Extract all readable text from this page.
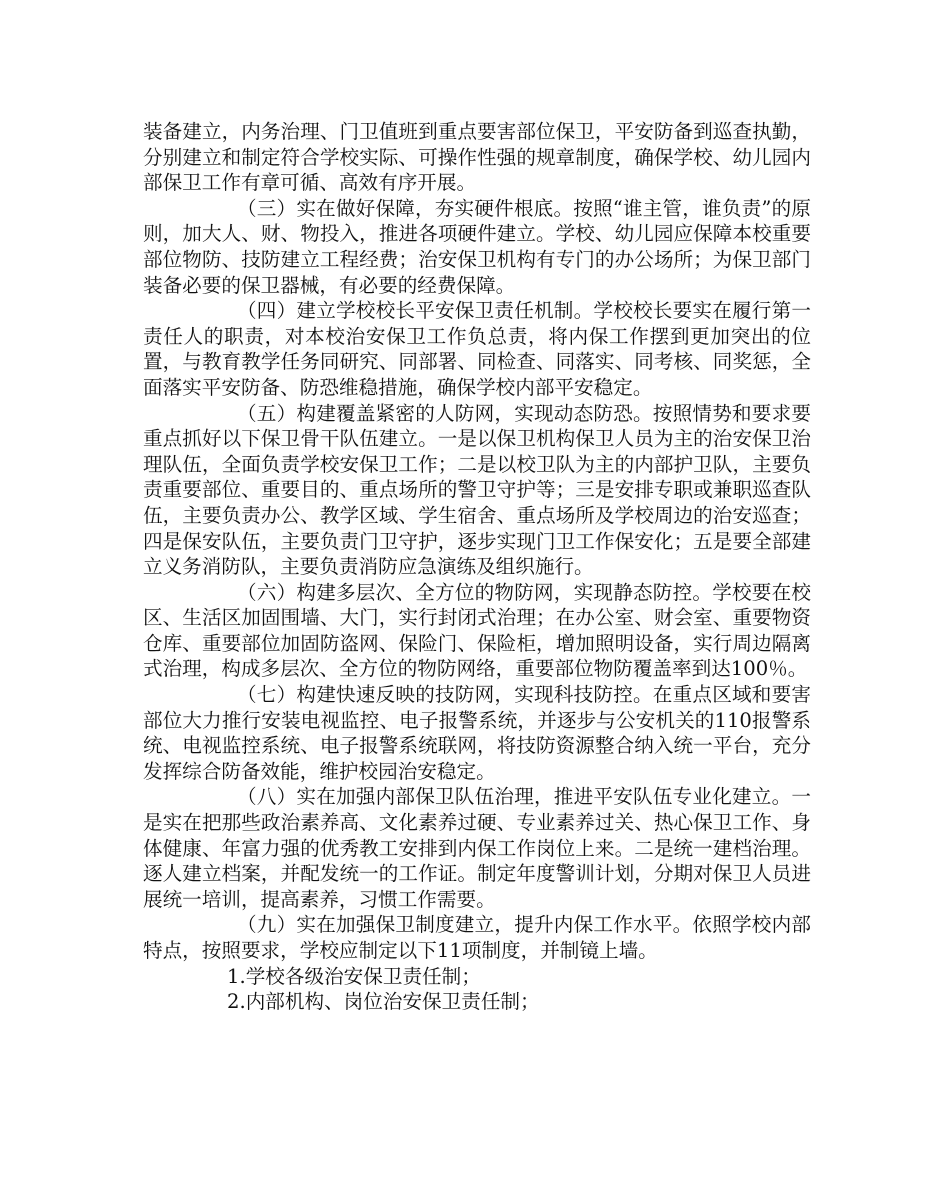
装备建立，内务治理、门卫值班到重点要害部位保卫，平安防备到巡查执勤，分别建立和制定符合学校实际、可操作性强的规章制度，确保学校、幼儿园内部保卫工作有章可循、高效有序开展。

（三）实在做好保障，夯实硬件根底。按照“谁主管，谁负责”的原则，加大人、财、物投入，推进各项硬件建立。学校、幼儿园应保障本校重要部位物防、技防建立工程经费；治安保卫机构有专门的办公场所；为保卫部门装备必要的保卫器械，有必要的经费保障。

（四）建立学校校长平安保卫责任机制。学校校长要实在履行第一责任人的职责，对本校治安保卫工作负总责，将内保工作摆到更加突出的位置，与教育教学任务同研究、同部署、同检查、同落实、同考核、同奖惩，全面落实平安防备、防恐维稳措施，确保学校内部平安稳定。

（五）构建覆盖紧密的人防网，实现动态防恐。按照情势和要求要重点抓好以下保卫骨干队伍建立。一是以保卫机构保卫人员为主的治安保卫治理队伍，全面负责学校安保卫工作；二是以校卫队为主的内部护卫队，主要负责重要部位、重要目的、重点场所的警卫守护等；三是安排专职或兼职巡查队伍，主要负责办公、教学区域、学生宿舍、重点场所及学校周边的治安巡查；四是保安队伍，主要负责门卫守护，逐步实现门卫工作保安化；五是要全部建立义务消防队，主要负责消防应急演练及组织施行。

（六）构建多层次、全方位的物防网，实现静态防控。学校要在校区、生活区加固围墙、大门，实行封闭式治理；在办公室、财会室、重要物资仓库、重要部位加固防盗网、保险门、保险柜，增加照明设备，实行周边隔离式治理，构成多层次、全方位的物防网络，重要部位物防覆盖率到达100％。

（七）构建快速反映的技防网，实现科技防控。在重点区域和要害部位大力推行安装电视监控、电子报警系统，并逐步与公安机关的110报警系统、电视监控系统、电子报警系统联网，将技防资源整合纳入统一平台，充分发挥综合防备效能，维护校园治安稳定。

（八）实在加强内部保卫队伍治理，推进平安队伍专业化建立。一是实在把那些政治素养高、文化素养过硬、专业素养过关、热心保卫工作、身体健康、年富力强的优秀教工安排到内保工作岗位上来。二是统一建档治理。逐人建立档案，并配发统一的工作证。制定年度警训计划，分期对保卫人员进展统一培训，提高素养，习惯工作需要。

（九）实在加强保卫制度建立，提升内保工作水平。依照学校内部特点，按照要求，学校应制定以下11项制度，并制镜上墙。

1.学校各级治安保卫责任制；

2.内部机构、岗位治安保卫责任制；
